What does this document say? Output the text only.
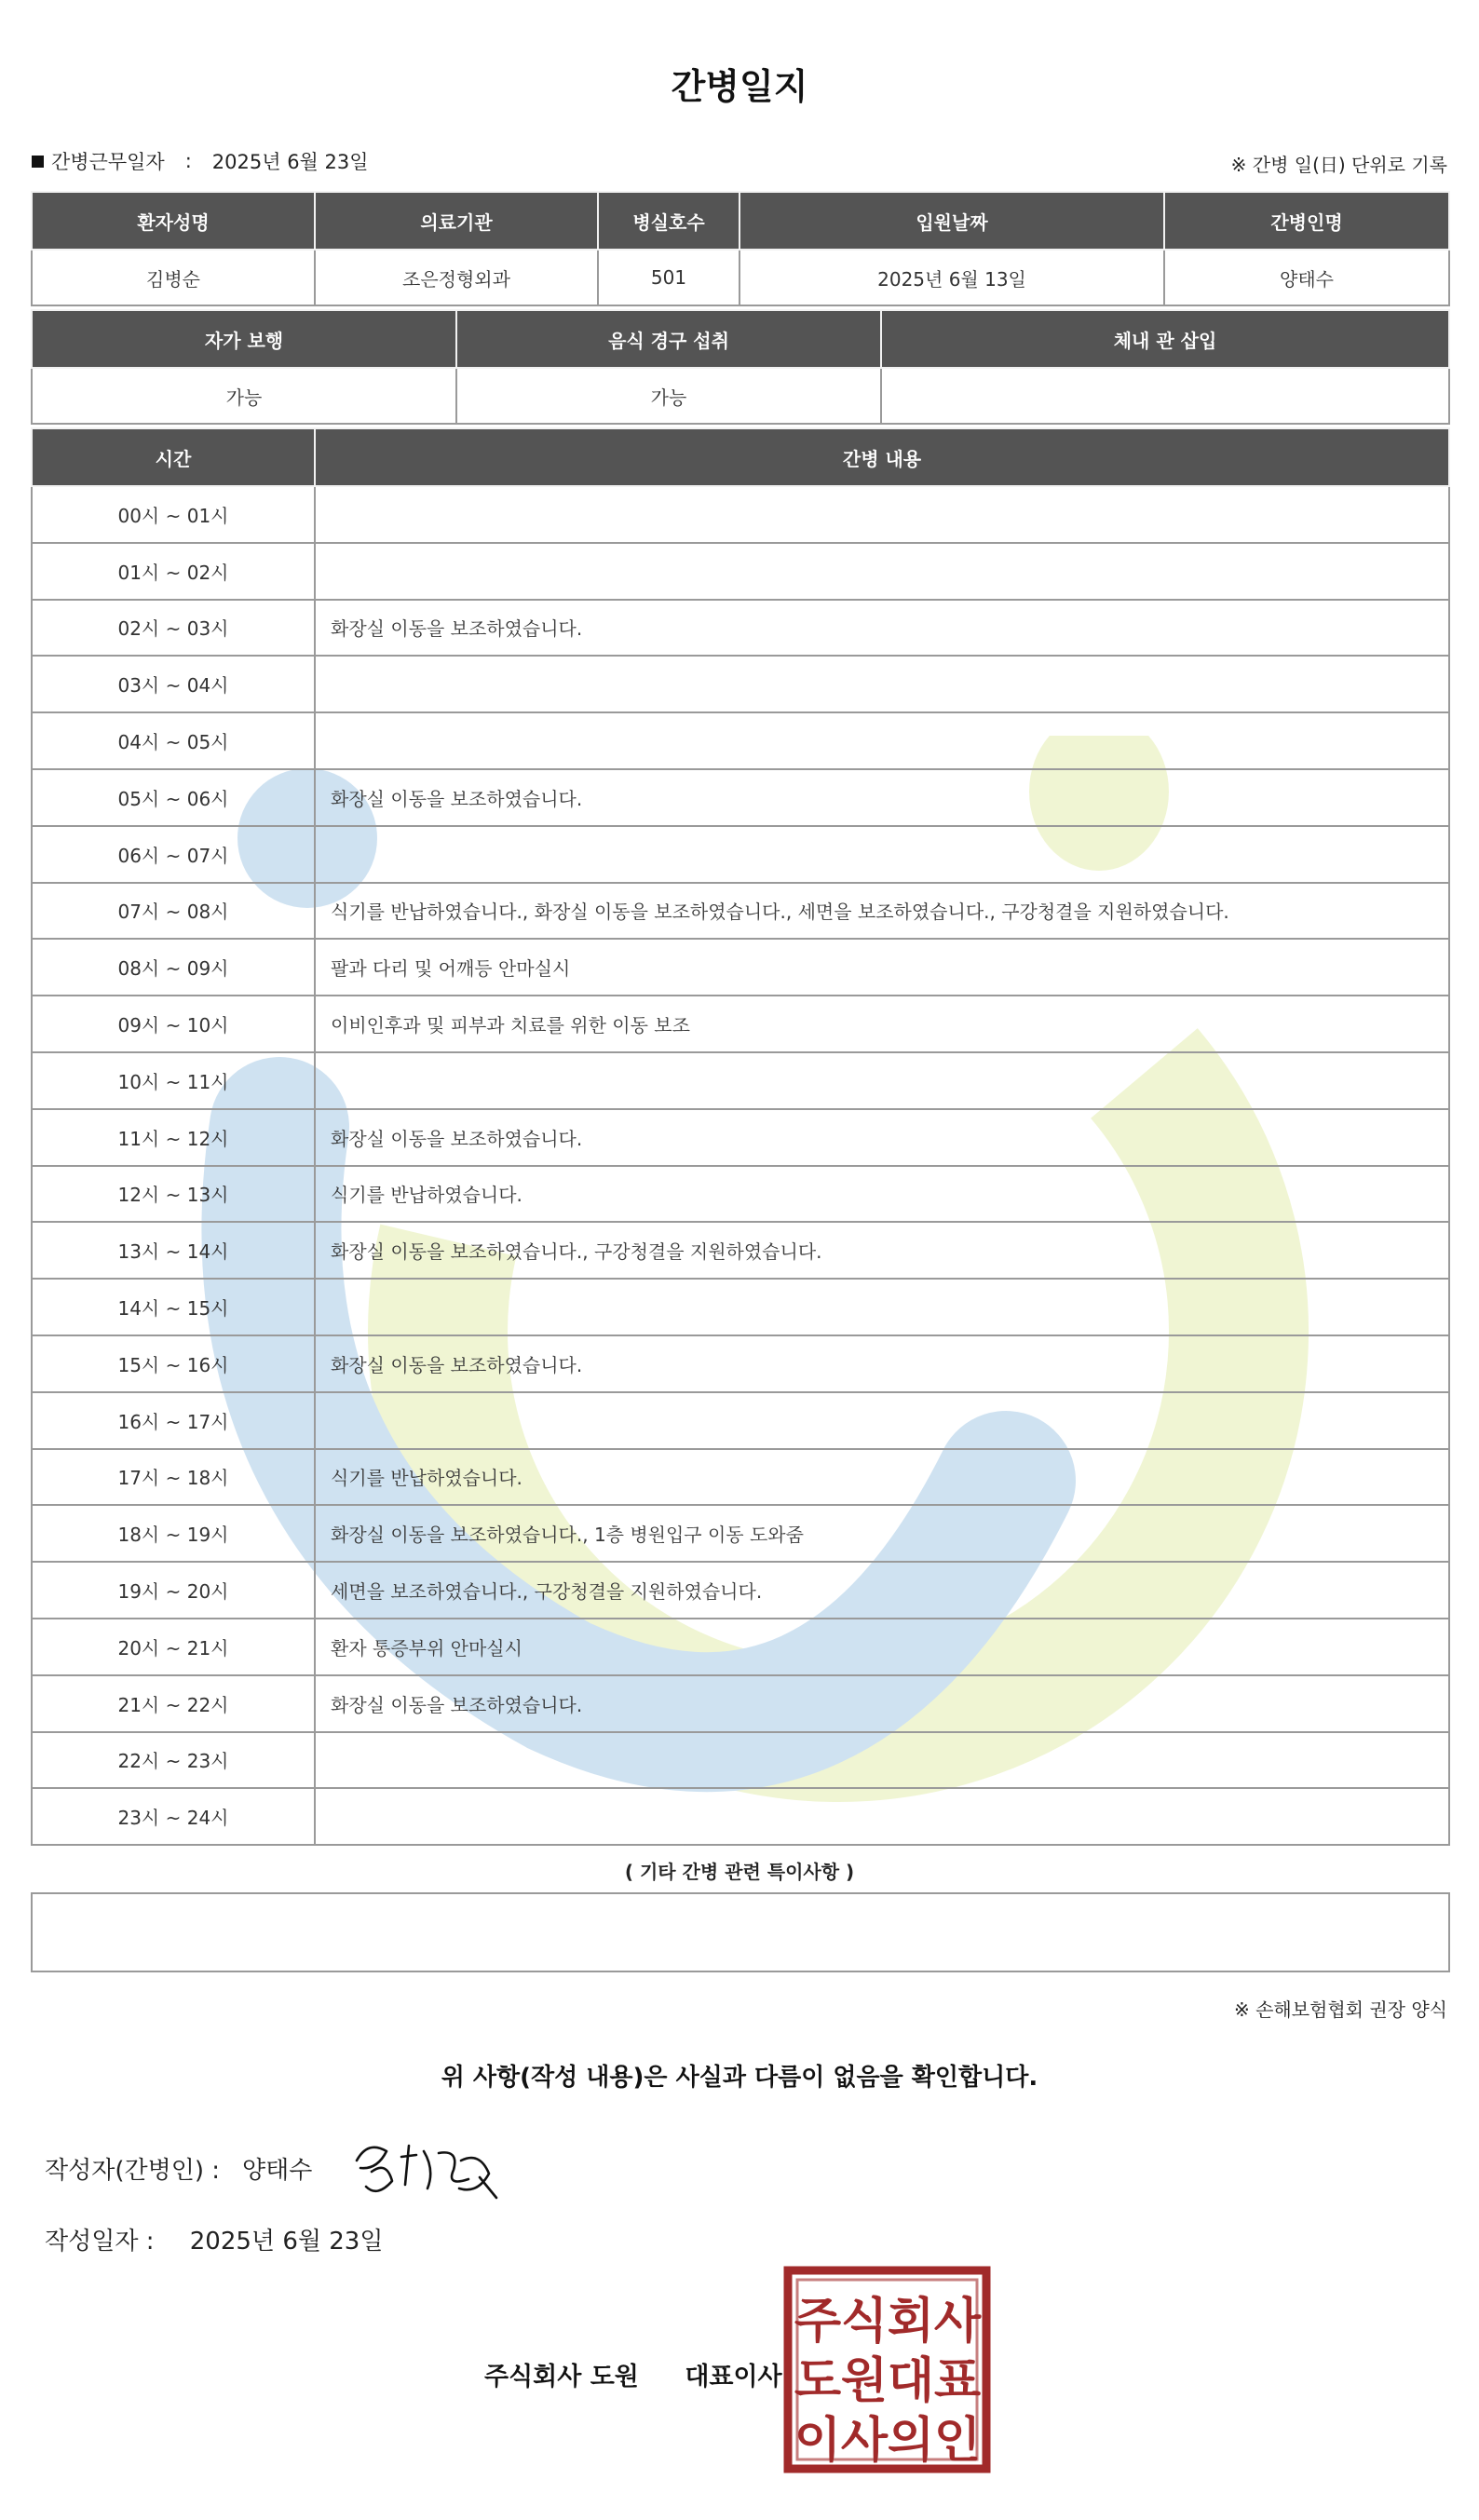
간병일지
간병근무일자 : 2025년 6월 23일	※ 간병 일(日) 단위로 기록
환자성명	의료기관	병실호수	입원날짜	간병인명
김병순	조은정형외과	501	2025년 6월 13일	양태수
자가 보행	음식 경구 섭취	체내 관 삽입
가능	가능	
시간	간병 내용
00시 ~ 01시	
01시 ~ 02시	
02시 ~ 03시	화장실 이동을 보조하였습니다.
03시 ~ 04시	
04시 ~ 05시	
05시 ~ 06시	화장실 이동을 보조하였습니다.
06시 ~ 07시	
07시 ~ 08시	식기를 반납하였습니다., 화장실 이동을 보조하였습니다., 세면을 보조하였습니다., 구강청결을 지원하였습니다.
08시 ~ 09시	팔과 다리 및 어깨등 안마실시
09시 ~ 10시	이비인후과 및 피부과 치료를 위한 이동 보조
10시 ~ 11시	
11시 ~ 12시	화장실 이동을 보조하였습니다.
12시 ~ 13시	식기를 반납하였습니다.
13시 ~ 14시	화장실 이동을 보조하였습니다., 구강청결을 지원하였습니다.
14시 ~ 15시	
15시 ~ 16시	화장실 이동을 보조하였습니다.
16시 ~ 17시	
17시 ~ 18시	식기를 반납하였습니다.
18시 ~ 19시	화장실 이동을 보조하였습니다., 1층 병원입구 이동 도와줌
19시 ~ 20시	세면을 보조하였습니다., 구강청결을 지원하였습니다.
20시 ~ 21시	환자 통증부위 안마실시
21시 ~ 22시	화장실 이동을 보조하였습니다.
22시 ~ 23시	
23시 ~ 24시	
( 기타 간병 관련 특이사항 )
※ 손해보험협회 권장 양식
위 사항(작성 내용)은 사실과 다름이 없음을 확인합니다.
작성자(간병인) : 양태수
작성일자 : 2025년 6월 23일
주식회사 도원 대표이사
주 식 회 사
도 원 대 표
이 사 의 인
